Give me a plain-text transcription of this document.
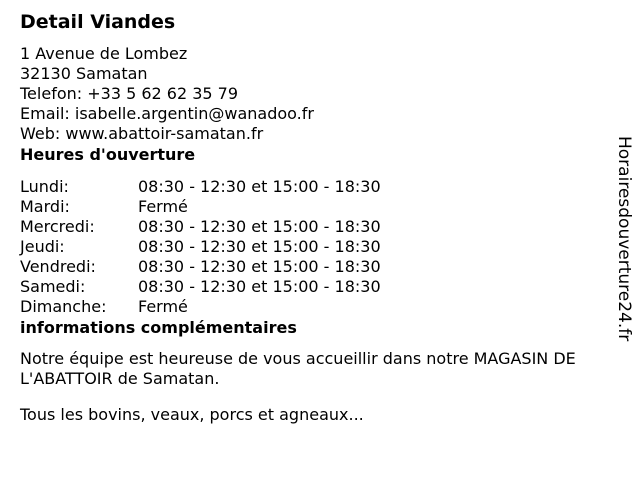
Detail Viandes
1 Avenue de Lombez
32130 Samatan
Telefon: +33 5 62 62 35 79
Email: isabelle.argentin@wanadoo.fr
Web: www.abattoir-samatan.fr
Heures d'ouverture
Lundi:	08:30 - 12:30 et 15:00 - 18:30
Mardi:	Fermé
Mercredi:	08:30 - 12:30 et 15:00 - 18:30
Jeudi:	08:30 - 12:30 et 15:00 - 18:30
Vendredi:	08:30 - 12:30 et 15:00 - 18:30
Samedi:	08:30 - 12:30 et 15:00 - 18:30
Dimanche:	Fermé
informations complémentaires
Notre équipe est heureuse de vous accueillir dans notre MAGASIN DE L'ABATTOIR de Samatan.
Tous les bovins, veaux, porcs et agneaux...
Horairesdouverture24.fr
